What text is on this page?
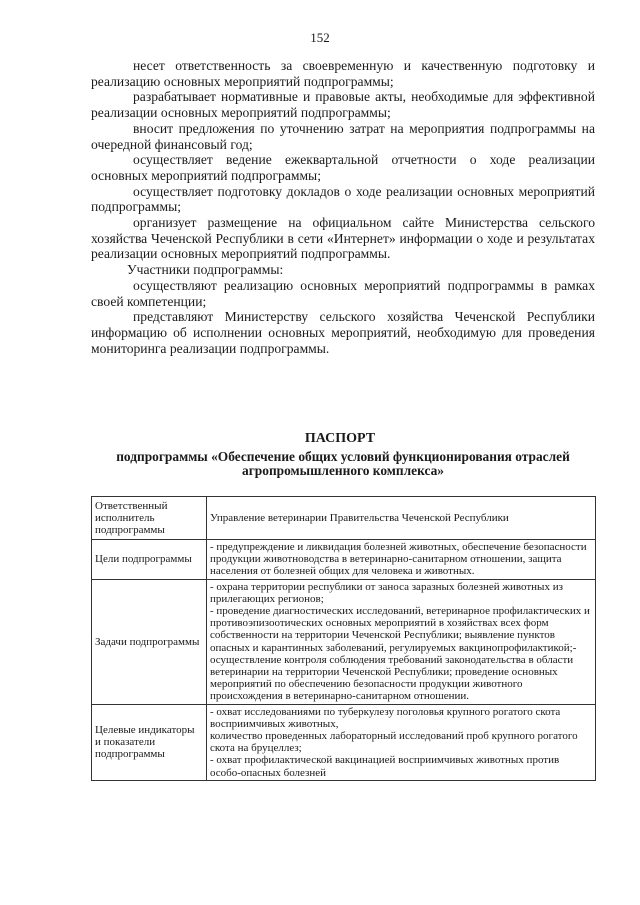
152

несет ответственность за своевременную и качественную подготовку и реализацию основных мероприятий подпрограммы;

разрабатывает нормативные и правовые акты, необходимые для эффективной реализации основных мероприятий подпрограммы;

вносит предложения по уточнению затрат на мероприятия подпрограммы на очередной финансовый год;

осуществляет ведение ежеквартальной отчетности о ходе реализации основных мероприятий подпрограммы;

осуществляет подготовку докладов о ходе реализации основных мероприятий подпрограммы;

организует размещение на официальном сайте Министерства сельского хозяйства Чеченской Республики в сети «Интернет» информации о ходе и результатах реализации основных мероприятий подпрограммы.

Участники подпрограммы:

осуществляют реализацию основных мероприятий подпрограммы в рамках своей компетенции;

представляют Министерству сельского хозяйства Чеченской Республики информацию об исполнении основных мероприятий, необходимую для проведения мониторинга реализации подпрограммы.

ПАСПОРТ
подпрограммы «Обеспечение общих условий функционирования отраслей агропромышленного комплекса»
Ответственный исполнитель подпрограммы	Управление ветеринарии Правительства Чеченской Республики
Цели подпрограммы	- предупреждение и ликвидация болезней животных, обеспечение безопасности продукции животноводства в ветеринарно-санитарном отношении, защита населения от болезней общих для человека и животных.
Задачи подпрограммы	- охрана территории республики от заноса заразных болезней животных из прилегающих регионов;
- проведение диагностических исследований, ветеринарное профилактических и противоэпизоотических основных мероприятий в хозяйствах всех форм собственности на территории Чеченской Республики; выявление пунктов опасных и карантинных заболеваний, регулируемых вакцинопрофилактикой;-осуществление контроля соблюдения требований законодательства в области ветеринарии на территории Чеченской Республики; проведение основных мероприятий по обеспечению безопасности продукции животного происхождения в ветеринарно-санитарном отношении.
Целевые индикаторы и показатели подпрограммы	- охват исследованиями по туберкулезу поголовья крупного рогатого скота восприимчивых животных,
количество проведенных лабораторный исследований проб крупного рогатого скота на бруцеллез;
- охват профилактической вакцинацией восприимчивых животных против особо-опасных болезней
